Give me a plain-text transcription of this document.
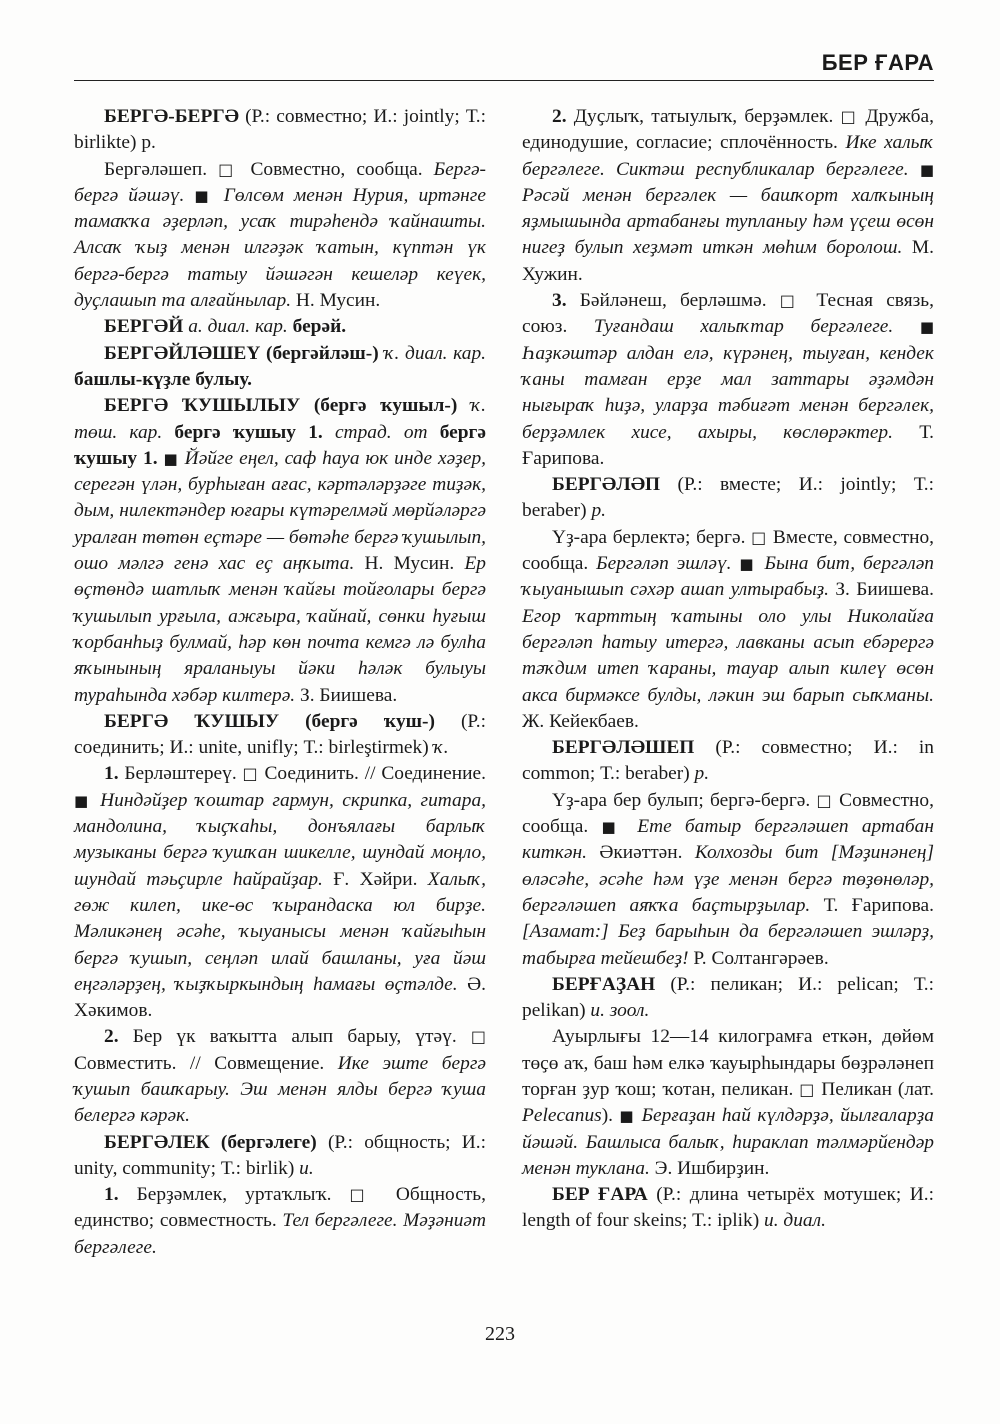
БЕР ҒАРА

БЕРГӘ-БЕРГӘ (Р.: совместно; И.: jointly; Т.: birlikte) р.

Бергәләшеп. □ Совместно, сообща. Бергә-бергә йәшәү. ■ Гөлсөм менән Нурия, иртәнге тамаҡҡа әҙерләп, усаҡ тирәһендә ҡайнашты. Алсаҡ ҡыҙ менән илгәҙәк ҡатын, күптән үк бергә-бергә татыу йәшәгән кешеләр кеүек, дуҫлашып та алғайнылар. Н. Мусин.

БЕРГӘЙ а. диал. кар. берәй.

БЕРГӘЙЛӘШЕҮ (бергәйләш-) ҡ. диал. кар. башлы-күҙле булыу.

БЕРГӘ ҠУШЫЛЫУ (бергә ҡушыл-) ҡ. төш. кар. бергә ҡушыу 1. страд. от бергә ҡушыу 1. ■ Йәйге еңел, саф һауа юк инде хәҙер, серегән үлән, бурһыған ағас, кәртәләрҙәге тиҙәк, дым, нилектәндер юғары күтәрелмәй мөрйәләргә уралған төтөн еҫтәре — бөтәһе бергә ҡушылып, ошо мәлгә генә хас еҫ аңҡыта. Н. Мусин. Ер өҫтөндә шатлыҡ менән ҡайғы тойғолары бергә ҡушылып урғыла, ажғыра, ҡайнай, сөнки һуғыш ҡорбанһыҙ булмай, һәр көн почта кемгә лә булһа яҡынының яраланыуы йәки һәләк булыуы тураһында хәбәр килтерә. З. Биишева.

БЕРГӘ ҠУШЫУ (бергә ҡуш-) (Р.: соединить; И.: unite, unifly; Т.: birleştirmek) ҡ.

1. Берләштереү. □ Соединить. // Соединение. ■ Ниндәйҙер ҡоштар гармун, скрипка, гитара, мандолина, ҡыҫҡаһы, донъялағы барлыҡ музыканы бергә ҡушҡан шикелле, шундай моңло, шундай тәьҫирле һайрайҙар. Ғ. Хәйри. Халыҡ, гөж килеп, ике-өс ҡырандаска юл бирҙе. Мәликәнең әсәһе, ҡыуанысы менән ҡайғыһын бергә ҡушып, сеңләп илай башланы, уға йәш еңгәләрҙең, ҡыҙҡыркындың һамағы өҫтәлде. Ә. Хәкимов.

2. Бер үк ваҡытта алып барыу, үтәү. □ Совместить. // Совмещение. Ике эште бергә ҡушып башҡарыу. Эш менән ялды бергә ҡуша белергә кәрәк.

БЕРГӘЛЕК (бергәлеге) (Р.: общность; И.: unity, community; Т.: birlik) и.

1. Берҙәмлек, уртаҡлыҡ. □ Общность, единство; совместность. Тел бергәлеге. Мәҙәниәт бергәлеге.

2. Дуҫлыҡ, татыулыҡ, берҙәмлек. □ Дружба, единодушие, согласие; сплочённость. Ике халыҡ бергәлеге. Сиктәш республикалар бергәлеге. ■ Рәсәй менән бергәлек — башҡорт халҡының яҙмышында артабанғы тупланыу һәм үҫеш өсөн нигеҙ булып хеҙмәт иткән мөһим боролош. М. Хужин.

3. Бәйләнеш, берләшмә. □ Тесная связь, союз. Туғандаш халыҡтар бергәлеге. ■ Һаҙкәштәр алдан елә, күрәнең, тыуған, кендек ҡаны тамған ерҙе мал заттары әҙәмдән нығыраҡ һиҙә, уларҙа тәбиғәт менән бергәлек, берҙәмлек хисе, ахыры, көслөрәктер. Т. Ғарипова.

БЕРГӘЛӘП (Р.: вместе; И.: jointly; Т.: beraber) р.

Үҙ-ара берлектә; бергә. □ Вместе, совместно, сообща. Бергәләп эшләү. ■ Бына бит, бергәләп ҡыуанышып сәхәр ашап ултырабыҙ. З. Биишева. Егор ҡарттың ҡатыны оло улы Николайға бергәләп һатыу итергә, лавканы асып ебәрергә тәҡдим итеп ҡараны, тауар алып килеү өсөн акса бирмәксе булды, ләкин эш барып сыҡманы. Ж. Кейекбаев.

БЕРГӘЛӘШЕП (Р.: совместно; И.: in common; Т.: beraber) р.

Үҙ-ара бер булып; бергә-бергә. □ Совместно, сообща. ■ Ете батыр бергәләшеп артабан киткән. Әкиәттән. Колхозды бит [Мәҙинәнең] өләсәһе, әсәһе һәм үҙе менән бергә төҙөнөләр, бергәләшеп аяҡҡа баҫтырҙылар. Т. Ғарипова. [Азамат:] Беҙ барыһын да бергәләшеп эшләрҙ, табырға тейешбеҙ! Р. Солтангәрәев.

БЕРҒАҘАН (Р.: пеликан; И.: pelican; Т.: pelikan) и. зоол.

Ауырлығы 12—14 килограмға еткән, дөйөм төҫө аҡ, баш һәм елкә ҡауырһындары бөҙрәләнеп торған ҙур ҡош; ҡотан, пеликан. □ Пеликан (лат. Pelecanus). ■ Берғаҙан һай күлдәрҙә, йылғаларҙа йәшәй. Башлыса балыҡ, һираклап тәлмәрйендәр менән туклана. Э. Ишбирҙин.

БЕР ҒАРА (Р.: длина четырёх мотушек; И.: length of four skeins; Т.: iplik) и. диал.

223
